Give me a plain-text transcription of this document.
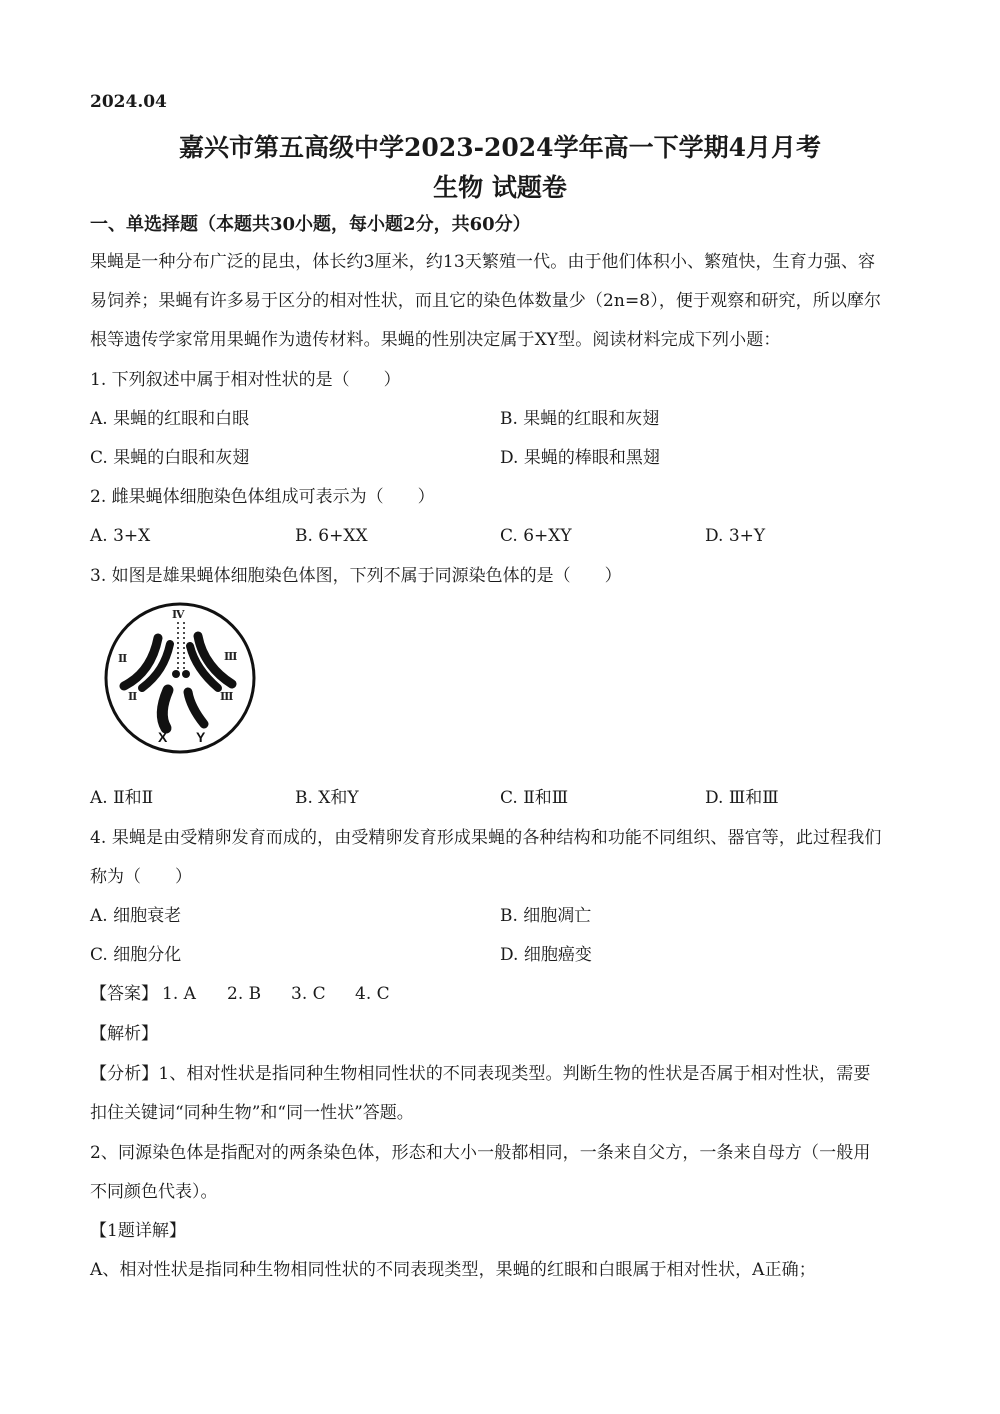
2024.04
嘉兴市第五高级中学2023-2024学年高一下学期4月月考
生物 试题卷
一、单选择题（本题共30小题，每小题2分，共60分）
果蝇是一种分布广泛的昆虫，体长约3厘米，约13天繁殖一代。由于他们体积小、繁殖快，生育力强、容
易饲养；果蝇有许多易于区分的相对性状，而且它的染色体数量少（2n=8），便于观察和研究，所以摩尔
根等遗传学家常用果蝇作为遗传材料。果蝇的性别决定属于XY型。阅读材料完成下列小题：
1. 下列叙述中属于相对性状的是（　　）
A. 果蝇的红眼和白眼	B. 果蝇的红眼和灰翅
C. 果蝇的白眼和灰翅	D. 果蝇的棒眼和黑翅
2. 雌果蝇体细胞染色体组成可表示为（　　）
A. 3+X	B. 6+XX	C. 6+XY	D. 3+Y
3. 如图是雄果蝇体细胞染色体图，下列不属于同源染色体的是（　　）
Ⅳ
Ⅱ	Ⅲ
Ⅱ	Ⅲ
X Y
A. Ⅱ和Ⅱ	B. X和Y	C. Ⅱ和Ⅲ	D. Ⅲ和Ⅲ
4. 果蝇是由受精卵发育而成的，由受精卵发育形成果蝇的各种结构和功能不同组织、器官等，此过程我们
称为（　　）
A. 细胞衰老	B. 细胞凋亡
C. 细胞分化	D. 细胞癌变
【答案】 1. A 2. B 3. C 4. C
【解析】
【分析】1、相对性状是指同种生物相同性状的不同表现类型。判断生物的性状是否属于相对性状，需要
扣住关键词“同种生物”和“同一性状”答题。
2、同源染色体是指配对的两条染色体，形态和大小一般都相同，一条来自父方，一条来自母方（一般用
不同颜色代表）。
【1题详解】
A、相对性状是指同种生物相同性状的不同表现类型，果蝇的红眼和白眼属于相对性状，A正确；
